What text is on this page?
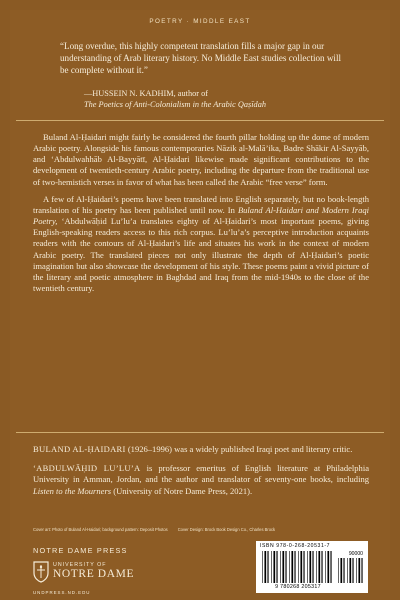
POETRY · MIDDLE EAST
“Long overdue, this highly competent translation fills a major gap in our understanding of Arab literary history. No Middle East studies collection will be complete without it.”
—HUSSEIN N. KADHIM, author of
The Poetics of Anti-Colonialism in the Arabic Qaṣīdah

Buland Al-Ḥaidari might fairly be considered the fourth pillar holding up the dome of modern Arabic poetry. Alongside his famous contemporaries Nāzik al-Malā’ika, Badre Shākir Al-Sayyāb, and ‘Abdulwahhāb Al-Bayyātī, Al-Ḥaidari likewise made significant contributions to the development of twentieth-century Arabic poetry, including the departure from the traditional use of two-hemistich verses in favor of what has been called the Arabic “free verse” form.

A few of Al-Ḥaidari’s poems have been translated into English separately, but no book-length translation of his poetry has been published until now. In Buland Al-Haidari and Modern Iraqi Poetry, ‘Abdulwāḥid Lu’lu’a translates eighty of Al-Ḥaidari’s most important poems, giving English-speaking readers access to this rich corpus. Lu’lu’a’s perceptive introduction acquaints readers with the contours of Al-Ḥaidari’s life and situates his work in the context of modern Arabic poetry. The translated pieces not only illustrate the depth of Al-Ḥaidari’s poetic imagination but also showcase the development of his style. These poems paint a vivid picture of the literary and poetic atmosphere in Baghdad and Iraq from the mid-1940s to the close of the twentieth century.

BULAND AL-ḤAIDARI (1926–1996) was a widely published Iraqi poet and literary critic.

‘ABDULWĀḤID LU’LU’A is professor emeritus of English literature at Philadelphia University in Amman, Jordan, and the author and translator of seventy-one books, including Listen to the Mourners (University of Notre Dame Press, 2021).

Cover art: Photo of Buland Al-Haidari; background pattern: Deposit Photos Cover Design: Brock Book Design Co., Charles Brock
NOTRE DAME PRESS
UNIVERSITY OF
NOTRE DAME
UNDPRESS.ND.EDU
ISBN 978-0-268-20531-7
90000
9 780268 205317
